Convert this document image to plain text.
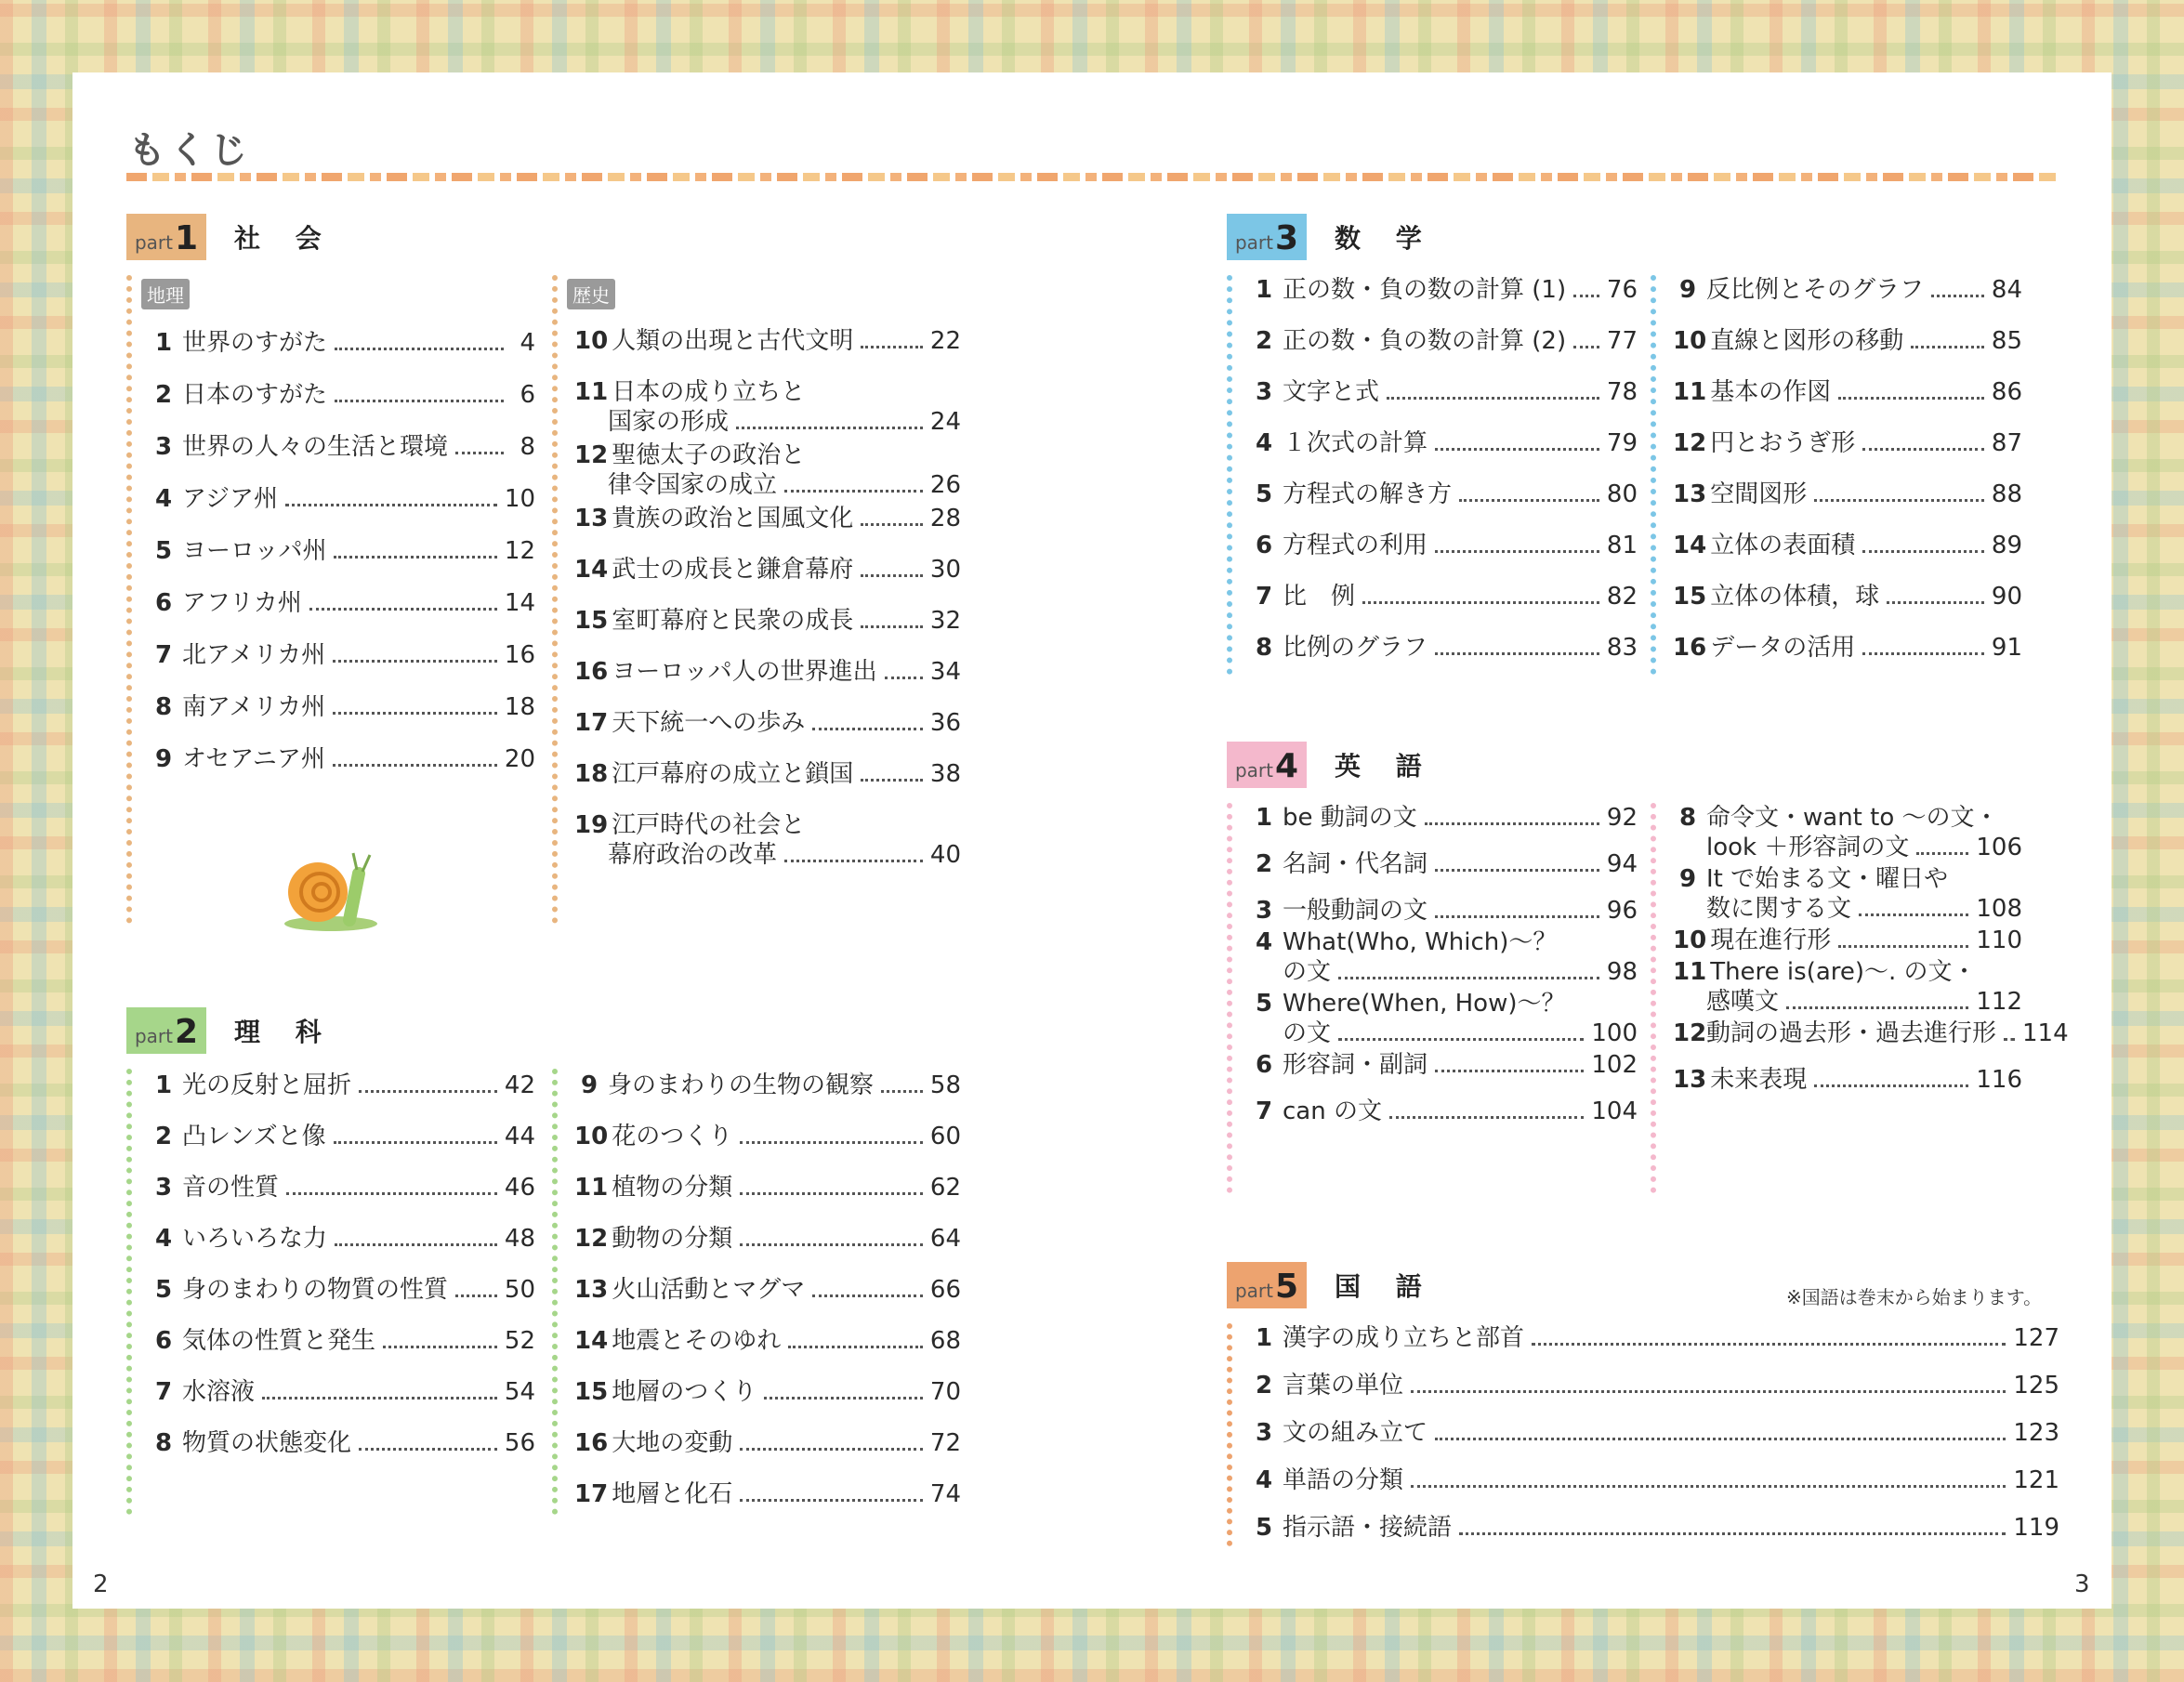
もくじ
2	3
part 1 社 会
地理	歴史
1 世界のすがた	4
2 日本のすがた	6
3 世界の人々の生活と環境	8
4 アジア州	10
5 ヨーロッパ州	12
6 アフリカ州	14
7 北アメリカ州	16
8 南アメリカ州	18
9 オセアニア州	20
10 人類の出現と古代文明	22
11 日本の成り立ちと
国家の形成	24
12 聖徳太子の政治と
律令国家の成立	26
13 貴族の政治と国風文化	28
14 武士の成長と鎌倉幕府	30
15 室町幕府と民衆の成長	32
16 ヨーロッパ人の世界進出 34
17 天下統一への歩み	36
18 江戸幕府の成立と鎖国	38
19 江戸時代の社会と
幕府政治の改革	40
part 2 理 科
1 光の反射と屈折	42
2 凸レンズと像	44
3 音の性質	46
4 いろいろな力	48
5 身のまわりの物質の性質 50
6 気体の性質と発生	52
7 水溶液	54
8 物質の状態変化	56
9 身のまわりの生物の観察 58
10 花のつくり	60
11 植物の分類	62
12 動物の分類	64
13 火山活動とマグマ	66
14 地震とそのゆれ	68
15 地層のつくり	70
16 大地の変動	72
17 地層と化石	74
part 3 数 学
1 正の数・負の数の計算 (1) 76
2 正の数・負の数の計算 (2) 77
3 文字と式	78
4 １次式の計算	79
5 方程式の解き方	80
6 方程式の利用	81
7 比　例	82
8 比例のグラフ	83
9 反比例とそのグラフ	84
10 直線と図形の移動	85
11 基本の作図	86
12 円とおうぎ形	87
13 空間図形	88
14 立体の表面積	89
15 立体の体積，球	90
16 データの活用	91
part 4 英 語
1 be 動詞の文	92
2 名詞・代名詞	94
3 一般動詞の文	96
4 What(Who, Which)～？
の文	98
5 Where(When, How)～？
の文	100
6 形容詞・副詞	102
7 can の文	104
8 命令文・want to ～の文・
look ＋形容詞の文	106
9 It で始まる文・曜日や
数に関する文	108
10 現在進行形	110
11 There is(are)～. の文・
感嘆文	112
12 動詞の過去形・過去進行形 114
13 未来表現	116
part 5 国 語	※国語は巻末から始まります。
1 漢字の成り立ちと部首	127
2 言葉の単位	125
3 文の組み立て	123
4 単語の分類	121
5 指示語・接続語	119
